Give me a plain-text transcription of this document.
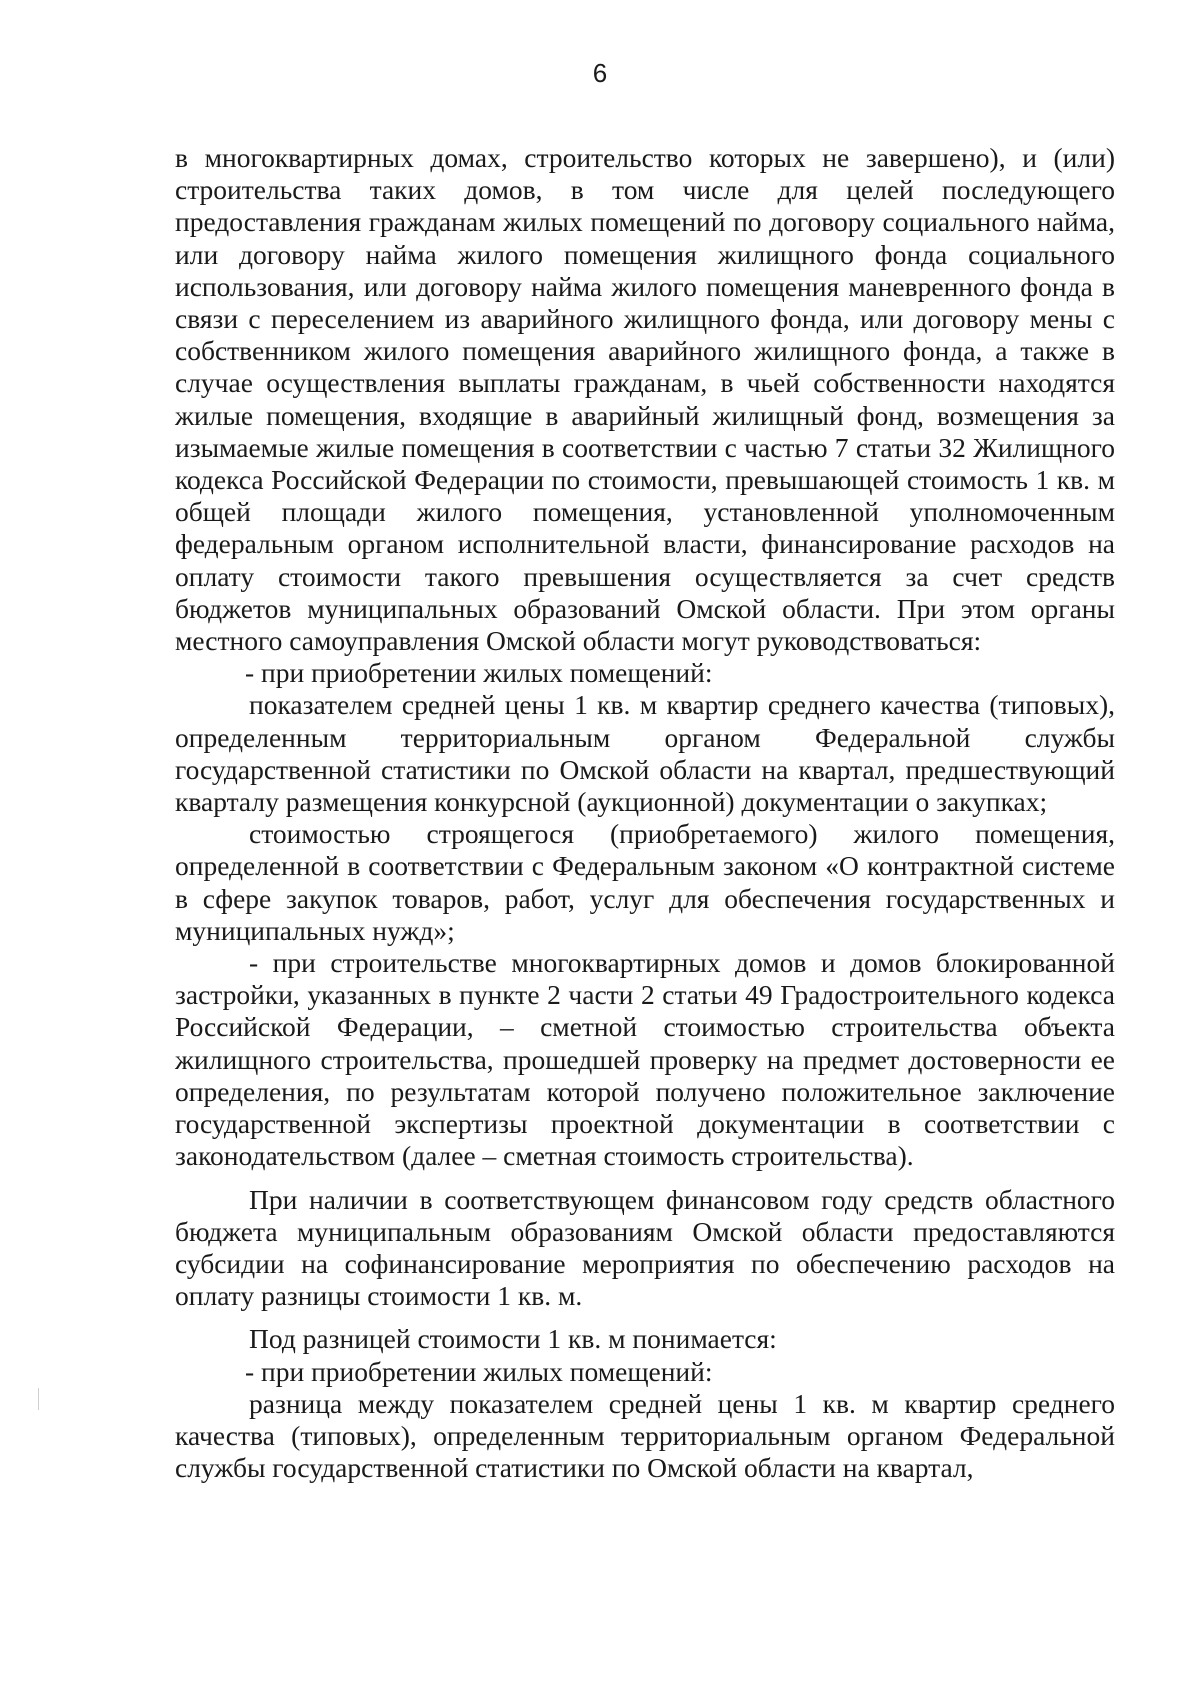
6

в многоквартирных домах, строительство которых не завершено), и (или) строительства таких домов, в том числе для целей последующего предоставления гражданам жилых помещений по договору социального найма, или договору найма жилого помещения жилищного фонда социального использования, или договору найма жилого помещения маневренного фонда в связи с переселением из аварийного жилищного фонда, или договору мены с собственником жилого помещения аварийного жилищного фонда, а также в случае осуществления выплаты гражданам, в чьей собственности находятся жилые помещения, входящие в аварийный жилищный фонд, возмещения за изымаемые жилые помещения в соответствии с частью 7 статьи 32 Жилищного кодекса Российской Федерации по стоимости, превышающей стоимость 1 кв. м общей площади жилого помещения, установленной уполномоченным федеральным органом исполнительной власти, финансирование расходов на оплату стоимости такого превышения осуществляется за счет средств бюджетов муниципальных образований Омской области. При этом органы местного самоуправления Омской области могут руководствоваться:

- при приобретении жилых помещений:

показателем средней цены 1 кв. м квартир среднего качества (типовых), определенным территориальным органом Федеральной службы государственной статистики по Омской области на квартал, предшествующий кварталу размещения конкурсной (аукционной) документации о закупках;

стоимостью строящегося (приобретаемого) жилого помещения, определенной в соответствии с Федеральным законом «О контрактной системе в сфере закупок товаров, работ, услуг для обеспечения государственных и муниципальных нужд»;

- при строительстве многоквартирных домов и домов блокированной застройки, указанных в пункте 2 части 2 статьи 49 Градостроительного кодекса Российской Федерации, – сметной стоимостью строительства объекта жилищного строительства, прошедшей проверку на предмет достоверности ее определения, по результатам которой получено положительное заключение государственной экспертизы проектной документации в соответствии с законодательством (далее – сметная стоимость строительства).

При наличии в соответствующем финансовом году средств областного бюджета муниципальным образованиям Омской области предоставляются субсидии на софинансирование мероприятия по обеспечению расходов на оплату разницы стоимости 1 кв. м.

Под разницей стоимости 1 кв. м понимается:

- при приобретении жилых помещений:

разница между показателем средней цены 1 кв. м квартир среднего качества (типовых), определенным территориальным органом Федеральной службы государственной статистики по Омской области на квартал,
